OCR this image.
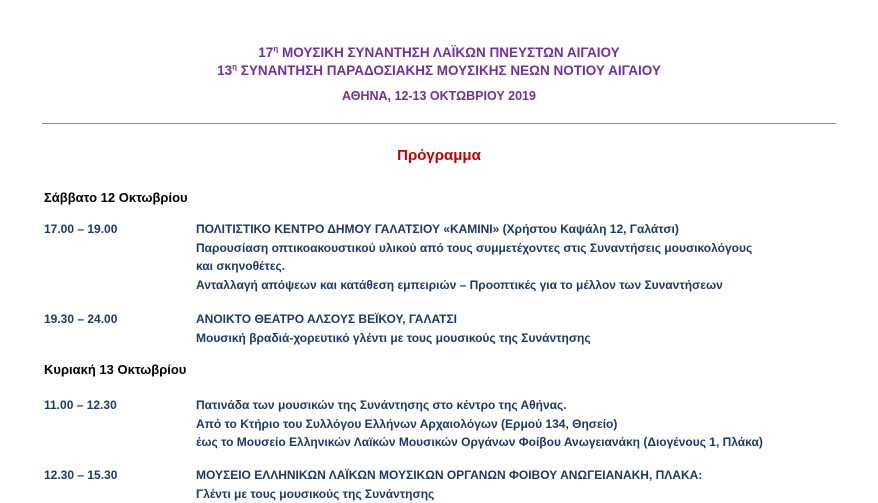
$17^\eta$ ΜΟΥΣΙΚΗ ΣΥΝΑΝΤΗΣΗ ΛΑΪΚΩΝ ΠΝΕΥΣΤΩΝ ΑΙΓΑΙΟΥ
$13^\eta$ ΣΥΝΑΝΤΗΣΗ ΠΑΡΑΔΟΣΙΑΚΗΣ ΜΟΥΣΙΚΗΣ ΝΕΩΝ ΝΟΤΙΟΥ ΑΙΓΑΙΟΥ
ΑΘΗΝΑ, 12-13 ΟΚΤΩΒΡΙΟΥ 2019
Πρόγραμμα
Σάββατο 12 Οκτωβρίου
17.00 – 19.00	ΠΟΛΙΤΙΣΤΙΚΟ ΚΕΝΤΡΟ ΔΗΜΟΥ ΓΑΛΑΤΣΙΟΥ «ΚΑΜΙΝΙ» (Χρήστου Καψάλη 12, Γαλάτσι)
Παρουσίαση οπτικοακουστικού υλικού από τους συμμετέχοντες στις Συναντήσεις μουσικολόγους
και σκηνοθέτες.
Ανταλλαγή απόψεων και κατάθεση εμπειριών – Προοπτικές για το μέλλον των Συναντήσεων
19.30 – 24.00	ΑΝΟΙΚΤΟ ΘΕΑΤΡΟ ΑΛΣΟΥΣ ΒΕΪΚΟΥ, ΓΑΛΑΤΣΙ
Μουσική βραδιά-χορευτικό γλέντι με τους μουσικούς της Συνάντησης
Κυριακή 13 Οκτωβρίου
11.00 – 12.30	Πατινάδα των μουσικών της Συνάντησης στο κέντρο της Αθήνας.
Από το Κτήριο του Συλλόγου Ελλήνων Αρχαιολόγων (Ερμού 134, Θησείο)
έως το Μουσείο Ελληνικών Λαϊκών Μουσικών Οργάνων Φοίβου Ανωγειανάκη (Διογένους 1, Πλάκα)
12.30 – 15.30	ΜΟΥΣΕΙΟ ΕΛΛΗΝΙΚΩΝ ΛΑΪΚΩΝ ΜΟΥΣΙΚΩΝ ΟΡΓΑΝΩΝ ΦΟΙΒΟΥ ΑΝΩΓΕΙΑΝΑΚΗ, ΠΛΑΚΑ:
Γλέντι με τους μουσικούς της Συνάντησης
